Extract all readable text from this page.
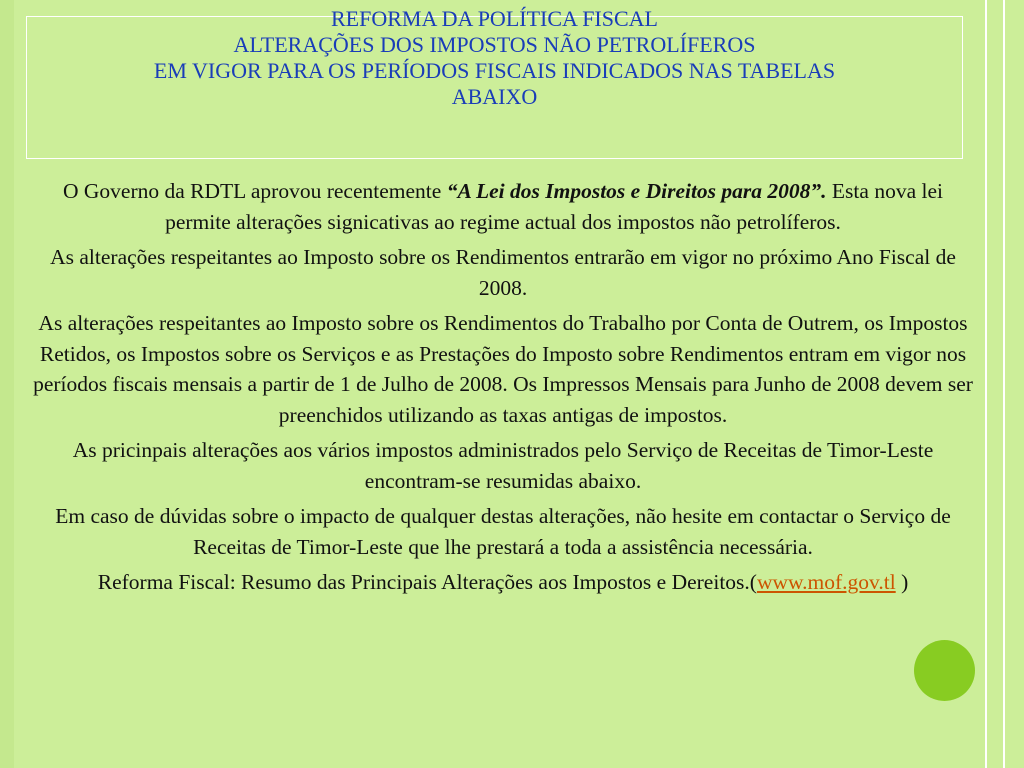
REFORMA DA POLÍTICA FISCAL
ALTERAÇÕES DOS IMPOSTOS NÃO PETROLÍFEROS
EM VIGOR PARA OS PERÍODOS FISCAIS INDICADOS NAS TABELAS
ABAIXO

O Governo da RDTL aprovou recentemente “A Lei dos Impostos e Direitos para 2008”. Esta nova lei permite alterações signicativas ao regime actual dos impostos não petrolíferos.

As alterações respeitantes ao Imposto sobre os Rendimentos entrarão em vigor no próximo Ano Fiscal de 2008.

As alterações respeitantes ao Imposto sobre os Rendimentos do Trabalho por Conta de Outrem, os Impostos Retidos, os Impostos sobre os Serviços e as Prestações do Imposto sobre Rendimentos entram em vigor nos períodos fiscais mensais a partir de 1 de Julho de 2008. Os Impressos Mensais para Junho de 2008 devem ser preenchidos utilizando as taxas antigas de impostos.

As pricinpais alterações aos vários impostos administrados pelo Serviço de Receitas de Timor-Leste encontram-se resumidas abaixo.

Em caso de dúvidas sobre o impacto de qualquer destas alterações, não hesite em contactar o Serviço de Receitas de Timor-Leste que lhe prestará a toda a assistência necessária.

Reforma Fiscal: Resumo das Principais Alterações aos Impostos e Dereitos.(www.mof.gov.tl )
